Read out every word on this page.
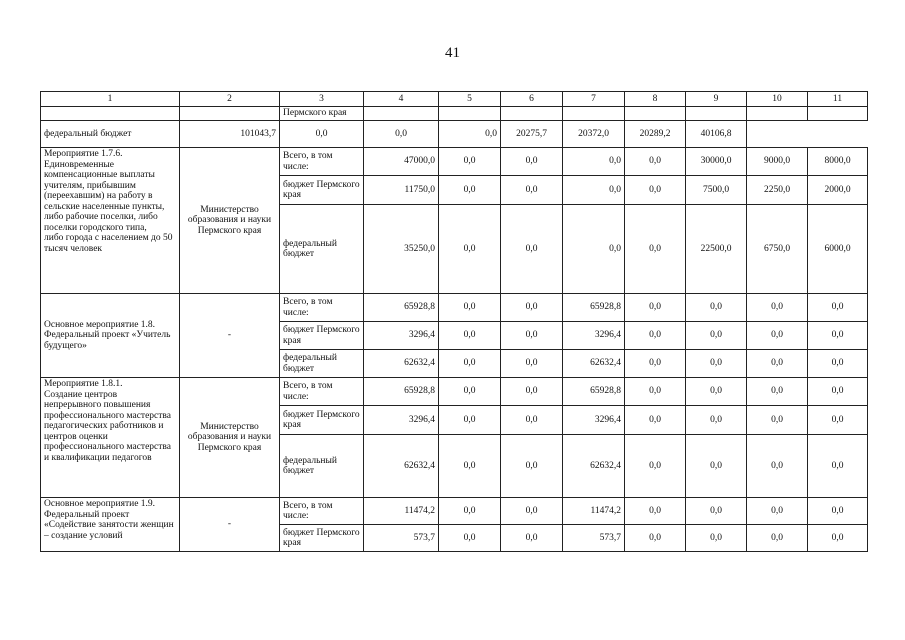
41
1	2	3	4	5	6	7	8	9	10	11
		Пермского края								
федеральный бюджет	101043,7	0,0	0,0	0,0	20275,7	20372,0	20289,2	40106,8		
Мероприятие 1.7.6.
Единовременные компенсационные выплаты учителям, прибывшим (переехавшим) на работу в сельские населенные пункты, либо рабочие поселки, либо поселки городского типа,
либо города с населением до 50 тысяч человек	Министерство образования и науки Пермского края	Всего, в том числе:	47000,0	0,0	0,0	0,0	0,0	30000,0	9000,0	8000,0
		бюджет Пермского края	11750,0	0,0	0,0	0,0	0,0	7500,0	2250,0	2000,0
		федеральный бюджет	35250,0	0,0	0,0	0,0	0,0	22500,0	6750,0	6000,0
Основное мероприятие 1.8. Федеральный проект «Учитель будущего»	-	Всего, в том числе:	65928,8	0,0	0,0	65928,8	0,0	0,0	0,0	0,0
		бюджет Пермского края	3296,4	0,0	0,0	3296,4	0,0	0,0	0,0	0,0
		федеральный бюджет	62632,4	0,0	0,0	62632,4	0,0	0,0	0,0	0,0
Мероприятие 1.8.1.
Создание центров непрерывного повышения профессионального мастерства педагогических работников и центров оценки профессионального мастерства и квалификации педагогов	Министерство образования и науки Пермского края	Всего, в том числе:	65928,8	0,0	0,0	65928,8	0,0	0,0	0,0	0,0
		бюджет Пермского края	3296,4	0,0	0,0	3296,4	0,0	0,0	0,0	0,0
		федеральный бюджет	62632,4	0,0	0,0	62632,4	0,0	0,0	0,0	0,0
Основное мероприятие 1.9. Федеральный проект «Содействие занятости женщин – создание условий	-	Всего, в том числе:	11474,2	0,0	0,0	11474,2	0,0	0,0	0,0	0,0
		бюджет Пермского края	573,7	0,0	0,0	573,7	0,0	0,0	0,0	0,0
